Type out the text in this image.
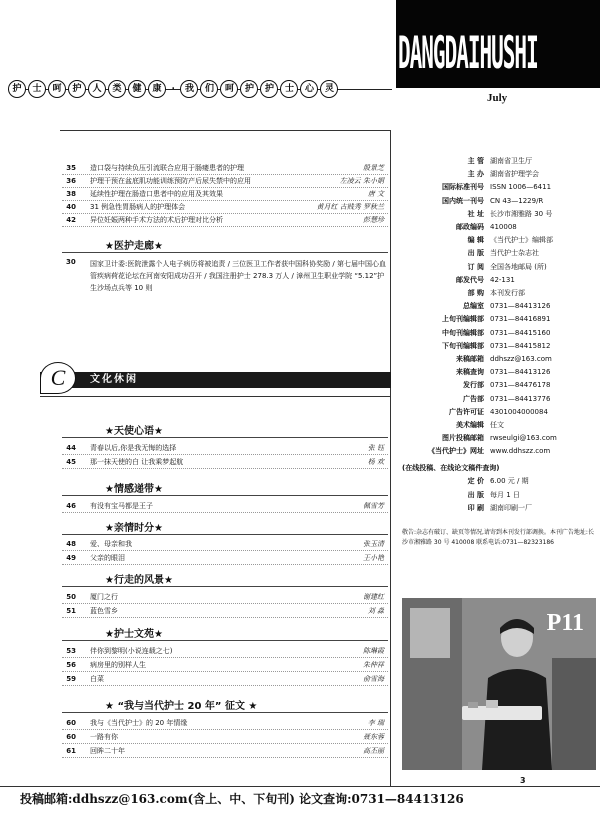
DANGDAIHUSHI
July
护	士	呵	护	人	类	健	康 ·	我	们	呵	护	护	士	心	灵
35 造口袋与持续负压引流联合应用于肠瘘患者的护理	殷景芝
36 护理干预在盆底肌功能训练预防产后尿失禁中的应用	左凌云 朱小娟
38 延续性护理在肠造口患者中的应用及其效果	唐 文
40 31 例急性胃肠病人的护理体会	黄月红 古贱秀 罗秋兰
42 异位妊娠两种手术方法的术后护理对比分析	彭慧珍
★医护走廊★
30 国家卫计委:医院泄露个人电子病历将被追责 / 三位医卫工作者获中国科协奖励 / 第七届中国心血管疾病荷花论坛在河南安阳成功召开 / 我国注册护士 278.3 万人 / 漳州卫生职业学院 “5.12”护生沙场点兵等 10 则
C	文化休闲
★天使心语★
44 青春以后,你是我无悔的选择	张 钰
45 那一抹天使的白 让我乘梦起航	杨 欢
★情感递带★
46 有没有宝马都是王子	佩雪芳
★亲情时分★
48 爱、母亲和我	张玉清
49 父亲的眼泪	王小艳
★行走的风景★
50 厦门之行	谢建红
51 蓝色雪乡	刘 淼
★护士文苑★
53 伴你到黎明(小说连载之七)	陈琳霞
56 病房里的别样人生	朱仲祥
59 白菜	俞雪海
★ “我与当代护士 20 年” 征文 ★
60 我与《当代护士》的 20 年情缘	李 瑞
60 一路有你	聂东蓉
61 回眸二十年	高丕丽
主 管 湖南省卫生厅
主 办 湖南省护理学会
国际标准刊号 ISSN 1006—6411
国内统一刊号 CN 43—1229/R
社 址 长沙市湘雅路 30 号
邮政编码 410008
编 辑 《当代护士》编辑部
出 版 当代护士杂志社
订 阅 全国各地邮局 (所)
邮发代号 42-131
部 购 本刊发行部
总编室 0731—84413126
上旬刊编辑部 0731—84416891
中旬刊编辑部 0731—84415160
下旬刊编辑部 0731—84415812
来稿邮箱 ddhszz@163.com
来稿查询 0731—84413126
发行部 0731—84476178
广告部 0731—84413776
广告许可证 4301004000084
美术编辑 任文
图片投稿邮箱 rwseulgi@163.com
《当代护士》网址 www.ddhszz.com
(在线投稿、在线论文稿件查询)
定 价 6.00 元 / 期
出 版 每月 1 日
印 刷 湖南印刷一厂
敬告:杂志有破订、缺页等情况,请寄到本刊发行部调换。本刊广告地址:长沙市湘雅路 30 号 410008 联系电话:0731—82323186
P11
3
投稿邮箱:ddhszz@163.com(含上、中、下旬刊) 论文查询:0731—84413126
